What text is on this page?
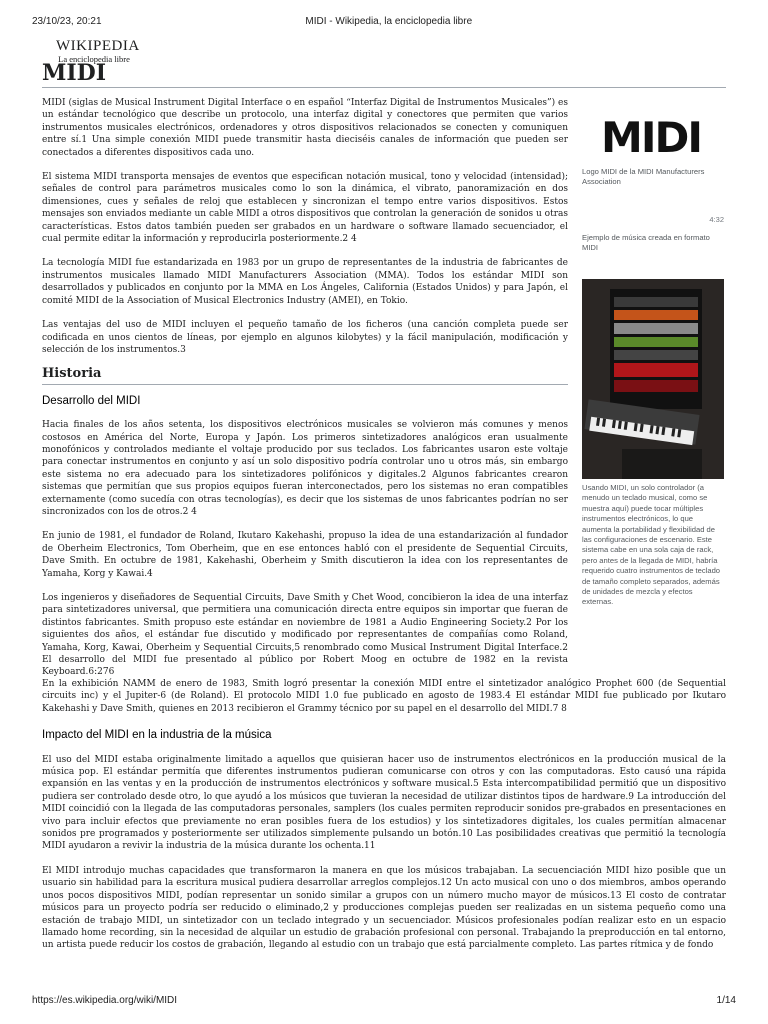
23/10/23, 20:21	MIDI - Wikipedia, la enciclopedia libre
WIKIPEDIA
La enciclopedia libre
MIDI

MIDI (siglas de Musical Instrument Digital Interface o en español “Interfaz Digital de Instrumentos Musicales”) es un estándar tecnológico que describe un protocolo, una interfaz digital y conectores que permiten que varios instrumentos musicales electrónicos, ordenadores y otros dispositivos relacionados se conecten y comuniquen entre sí.1 Una simple conexión MIDI puede transmitir hasta dieciséis canales de información que pueden ser conectados a diferentes dispositivos cada uno.

El sistema MIDI transporta mensajes de eventos que especifican notación musical, tono y velocidad (intensidad); señales de control para parámetros musicales como lo son la dinámica, el vibrato, panoramización en dos dimensiones, cues y señales de reloj que establecen y sincronizan el tempo entre varios dispositivos. Estos mensajes son enviados mediante un cable MIDI a otros dispositivos que controlan la generación de sonidos u otras características. Estos datos también pueden ser grabados en un hardware o software llamado secuenciador, el cual permite editar la información y reproducirla posteriormente.2 4

La tecnología MIDI fue estandarizada en 1983 por un grupo de representantes de la industria de fabricantes de instrumentos musicales llamado MIDI Manufacturers Association (MMA). Todos los estándar MIDI son desarrollados y publicados en conjunto por la MMA en Los Ángeles, California (Estados Unidos) y para Japón, el comité MIDI de la Association of Musical Electronics Industry (AMEI), en Tokio.

Las ventajas del uso de MIDI incluyen el pequeño tamaño de los ficheros (una canción completa puede ser codificada en unos cientos de líneas, por ejemplo en algunos kilobytes) y la fácil manipulación, modificación y selección de los instrumentos.3

Historia
Desarrollo del MIDI

Hacia finales de los años setenta, los dispositivos electrónicos musicales se volvieron más comunes y menos costosos en América del Norte, Europa y Japón. Los primeros sintetizadores analógicos eran usualmente monofónicos y controlados mediante el voltaje producido por sus teclados. Los fabricantes usaron este voltaje para conectar instrumentos en conjunto y así un solo dispositivo podría controlar uno u otros más, sin embargo este sistema no era adecuado para los sintetizadores polifónicos y digitales.2 Algunos fabricantes crearon sistemas que permitían que sus propios equipos fueran interconectados, pero los sistemas no eran compatibles externamente (como sucedía con otras tecnologías), es decir que los sistemas de unos fabricantes podrían no ser sincronizados con los de otros.2 4

En junio de 1981, el fundador de Roland, Ikutaro Kakehashi, propuso la idea de una estandarización al fundador de Oberheim Electronics, Tom Oberheim, que en ese entonces habló con el presidente de Sequential Circuits, Dave Smith. En octubre de 1981, Kakehashi, Oberheim y Smith discutieron la idea con los representantes de Yamaha, Korg y Kawai.4

Los ingenieros y diseñadores de Sequential Circuits, Dave Smith y Chet Wood, concibieron la idea de una interfaz para sintetizadores universal, que permitiera una comunicación directa entre equipos sin importar que fueran de distintos fabricantes. Smith propuso este estándar en noviembre de 1981 a Audio Engineering Society.2 Por los siguientes dos años, el estándar fue discutido y modificado por representantes de compañías como Roland, Yamaha, Korg, Kawai, Oberheim y Sequential Circuits,5 renombrado como Musical Instrument Digital Interface.2 El desarrollo del MIDI fue presentado al público por Robert Moog en octubre de 1982 en la revista Keyboard.6:276

En la exhibición NAMM de enero de 1983, Smith logró presentar la conexión MIDI entre el sintetizador analógico Prophet 600 (de Sequential circuits inc) y el Jupiter-6 (de Roland). El protocolo MIDI 1.0 fue publicado en agosto de 1983.4 El estándar MIDI fue publicado por Ikutaro Kakehashi y Dave Smith, quienes en 2013 recibieron el Grammy técnico por su papel en el desarrollo del MIDI.7 8

Impacto del MIDI en la industria de la música

El uso del MIDI estaba originalmente limitado a aquellos que quisieran hacer uso de instrumentos electrónicos en la producción musical de la música pop. El estándar permitía que diferentes instrumentos pudieran comunicarse con otros y con las computadoras. Esto causó una rápida expansión en las ventas y en la producción de instrumentos electrónicos y software musical.5 Esta intercompatibilidad permitió que un dispositivo pudiera ser controlado desde otro, lo que ayudó a los músicos que tuvieran la necesidad de utilizar distintos tipos de hardware.9 La introducción del MIDI coincidió con la llegada de las computadoras personales, samplers (los cuales permiten reproducir sonidos pre-grabados en presentaciones en vivo para incluir efectos que previamente no eran posibles fuera de los estudios) y los sintetizadores digitales, los cuales permitían almacenar sonidos pre programados y posteriormente ser utilizados simplemente pulsando un botón.10 Las posibilidades creativas que permitió la tecnología MIDI ayudaron a revivir la industria de la música durante los ochenta.11

El MIDI introdujo muchas capacidades que transformaron la manera en que los músicos trabajaban. La secuenciación MIDI hizo posible que un usuario sin habilidad para la escritura musical pudiera desarrollar arreglos complejos.12 Un acto musical con uno o dos miembros, ambos operando unos pocos dispositivos MIDI, podían representar un sonido similar a grupos con un número mucho mayor de músicos.13 El costo de contratar músicos para un proyecto podría ser reducido o eliminado,2 y producciones complejas pueden ser realizadas en un sistema pequeño como una estación de trabajo MIDI, un sintetizador con un teclado integrado y un secuenciador. Músicos profesionales podían realizar esto en un espacio llamado home recording, sin la necesidad de alquilar un estudio de grabación profesional con personal. Trabajando la preproducción en tal entorno, un artista puede reducir los costos de grabación, llegando al estudio con un trabajo que está parcialmente completo. Las partes rítmica y de fondo

MIDI
Logo MIDI de la MIDI Manufacturers Association
4:32
Ejemplo de música creada en formato MIDI
Usando MIDI, un solo controlador (a menudo un teclado musical, como se muestra aquí) puede tocar múltiples instrumentos electrónicos, lo que aumenta la portabilidad y flexibilidad de las configuraciones de escenario. Este sistema cabe en una sola caja de rack, pero antes de la llegada de MIDI, habría requerido cuatro instrumentos de teclado de tamaño completo separados, además de unidades de mezcla y efectos externas.
https://es.wikipedia.org/wiki/MIDI	1/14
